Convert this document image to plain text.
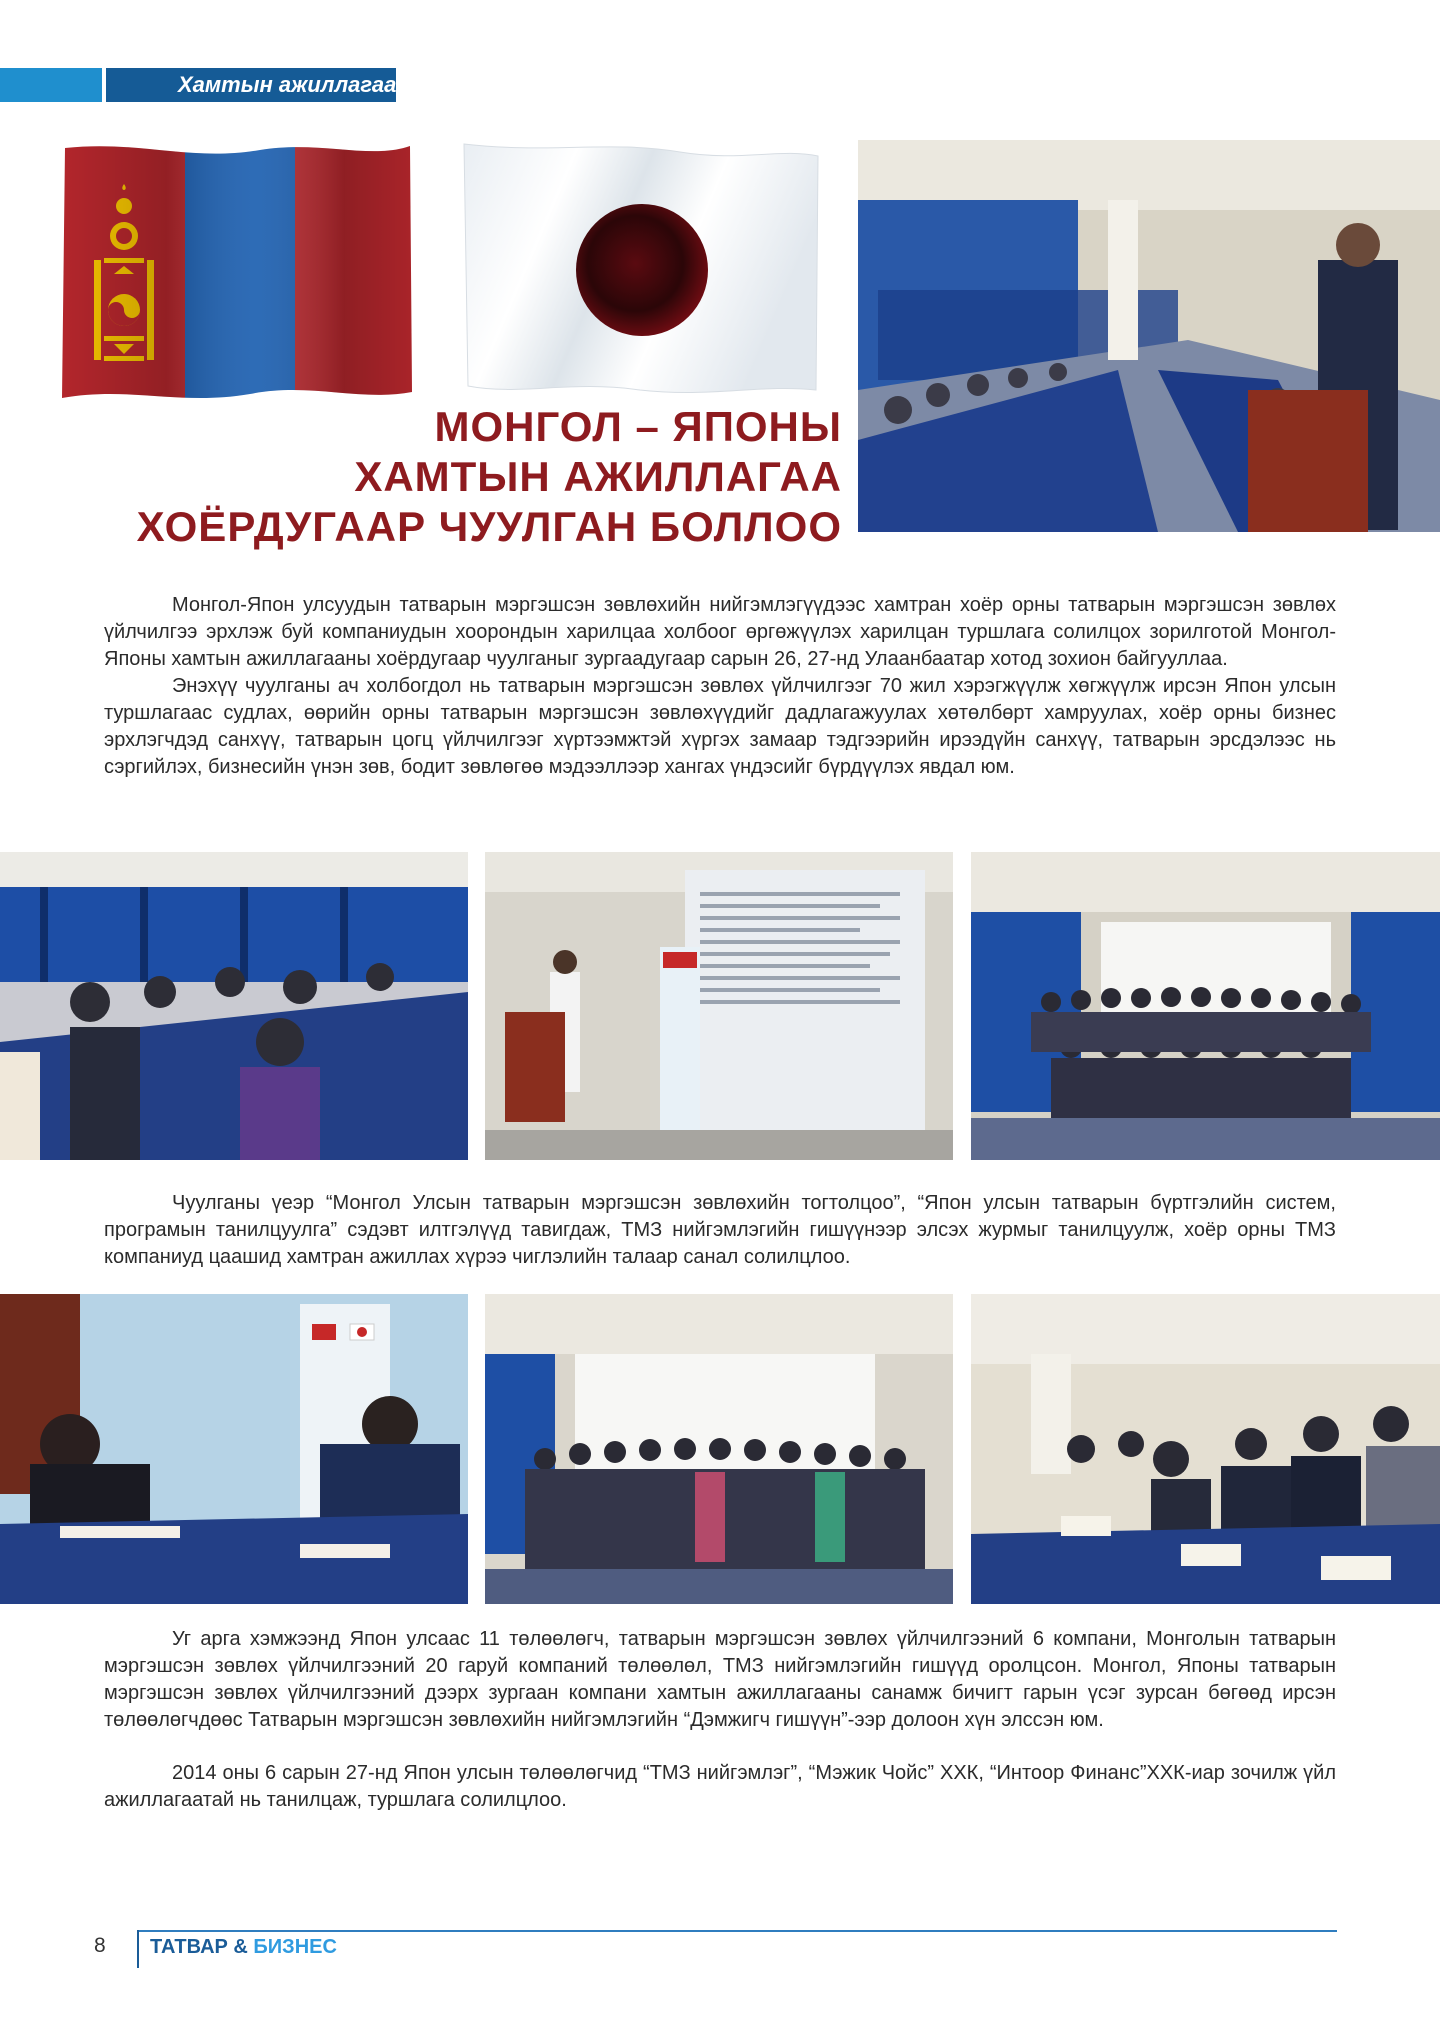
Хамтын ажиллагаа
МОНГОЛ – ЯПОНЫ
ХАМТЫН АЖИЛЛАГАА
ХОЁРДУГААР ЧУУЛГАН БОЛЛОО

Монгол-Япон улсуудын татварын мэргэшсэн зөвлөхийн нийгэмлэгүүдээс хамтран хоёр орны татварын мэргэшсэн зөвлөх үйлчилгээ эрхлэж буй компаниудын хоорондын харилцаа холбоог өргөжүүлэх харилцан туршлага солилцох зорилготой Монгол-Японы хамтын ажиллагааны хоёрдугаар чуулганыг зургаадугаар сарын 26, 27-нд Улаанбаатар хотод зохион байгууллаа.

Энэхүү чуулганы ач холбогдол нь татварын мэргэшсэн зөвлөх үйлчилгээг 70 жил хэрэгжүүлж хөгжүүлж ирсэн Япон улсын туршлагаас судлах, өөрийн орны татварын мэргэшсэн зөвлөхүүдийг дадлагажуулах хөтөлбөрт хамруулах, хоёр орны бизнес эрхлэгчдэд санхүү, татварын цогц үйлчилгээг хүртээмжтэй хүргэх замаар тэдгээрийн ирээдүйн санхүү, татварын эрсдэлээс нь сэргийлэх, бизнесийн үнэн зөв, бодит зөвлөгөө мэдээллээр хангах үндэсийг бүрдүүлэх явдал юм.

Чуулганы үеэр “Монгол Улсын татварын мэргэшсэн зөвлөхийн тогтолцоо”, “Япон улсын татварын бүртгэлийн систем, програмын танилцуулга” сэдэвт илтгэлүүд тавигдаж, ТМЗ нийгэмлэгийн гишүүнээр элсэх журмыг танилцуулж, хоёр орны ТМЗ компаниуд цаашид хамтран ажиллах хүрээ чиглэлийн талаар санал солилцлоо.

Уг арга хэмжээнд Япон улсаас 11 төлөөлөгч, татварын мэргэшсэн зөвлөх үйлчилгээний 6 компани, Монголын татварын мэргэшсэн зөвлөх үйлчилгээний 20 гаруй компаний төлөөлөл, ТМЗ нийгэмлэгийн гишүүд оролцсон. Монгол, Японы татварын мэргэшсэн зөвлөх үйлчилгээний дээрх зургаан компани хамтын ажиллагааны санамж бичигт гарын үсэг зурсан бөгөөд ирсэн төлөөлөгчдөөс Татварын мэргэшсэн зөвлөхийн нийгэмлэгийн “Дэмжигч гишүүн”-ээр долоон хүн элссэн юм.

2014 оны 6 сарын 27-нд Япон улсын төлөөлөгчид “ТМЗ нийгэмлэг”, “Мэжик Чойс” ХХК, “Интоор Финанс”ХХК-иар зочилж үйл ажиллагаатай нь танилцаж, туршлага солилцлоо.

8 ТАТВАР & БИЗНЕС
